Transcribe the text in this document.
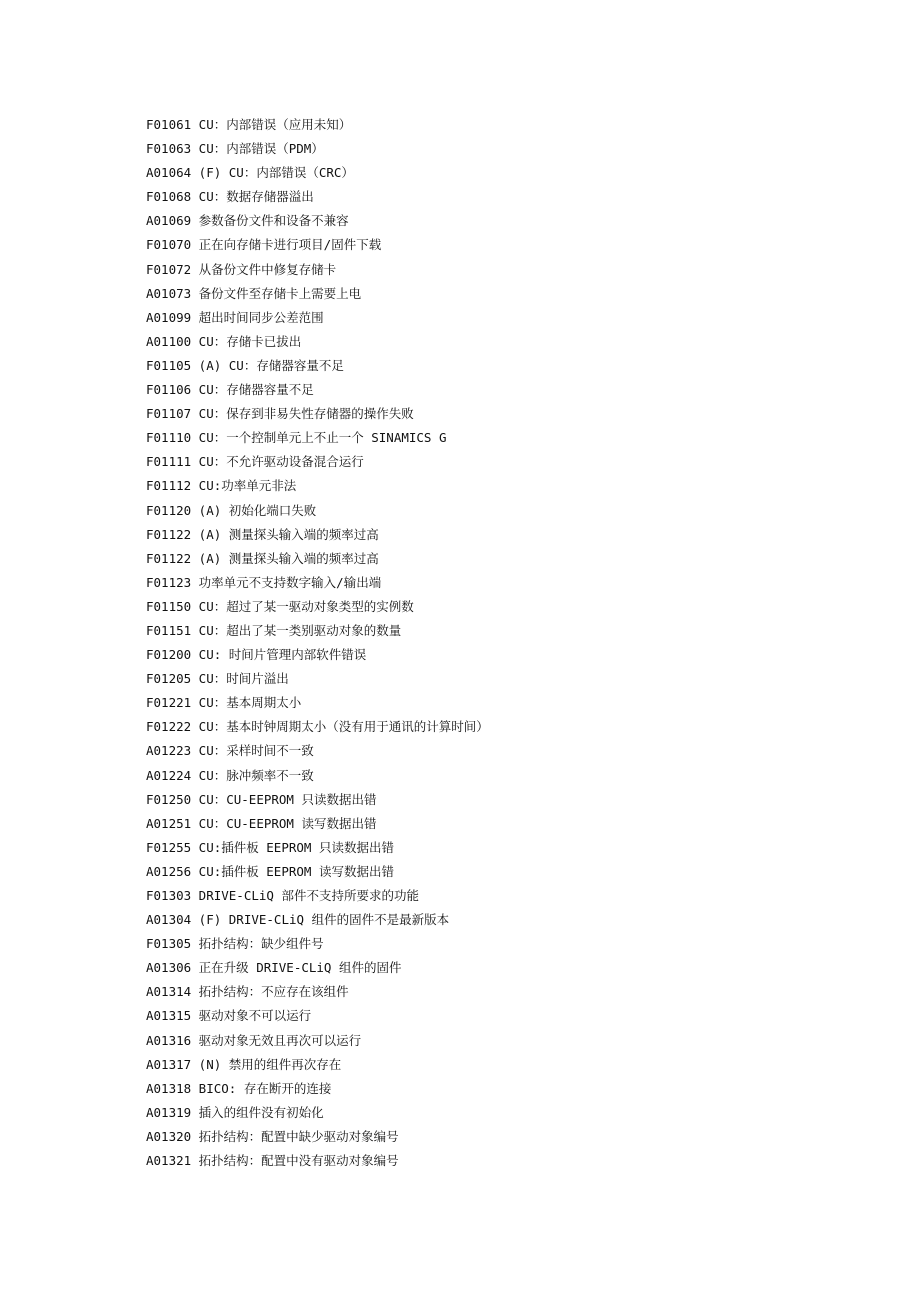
F01061 CU：内部错误（应用未知）
F01063 CU：内部错误（PDM）
A01064 (F) CU：内部错误（CRC）
F01068 CU：数据存储器溢出
A01069 参数备份文件和设备不兼容
F01070 正在向存储卡进行项目/固件下载
F01072 从备份文件中修复存储卡
A01073 备份文件至存储卡上需要上电
A01099 超出时间同步公差范围
A01100 CU：存储卡已拔出
F01105 (A) CU：存储器容量不足
F01106 CU：存储器容量不足
F01107 CU：保存到非易失性存储器的操作失败
F01110 CU：一个控制单元上不止一个 SINAMICS G
F01111 CU：不允许驱动设备混合运行
F01112 CU:功率单元非法
F01120 (A) 初始化端口失败
F01122 (A) 测量探头输入端的频率过高
F01122 (A) 测量探头输入端的频率过高
F01123 功率单元不支持数字输入/输出端
F01150 CU：超过了某一驱动对象类型的实例数
F01151 CU：超出了某一类别驱动对象的数量
F01200 CU: 时间片管理内部软件错误
F01205 CU：时间片溢出
F01221 CU：基本周期太小
F01222 CU：基本时钟周期太小（没有用于通讯的计算时间）
A01223 CU：采样时间不一致
A01224 CU：脉冲频率不一致
F01250 CU：CU-EEPROM 只读数据出错
A01251 CU：CU-EEPROM 读写数据出错
F01255 CU:插件板 EEPROM 只读数据出错
A01256 CU:插件板 EEPROM 读写数据出错
F01303 DRIVE-CLiQ 部件不支持所要求的功能
A01304 (F) DRIVE-CLiQ 组件的固件不是最新版本
F01305 拓扑结构：缺少组件号
A01306 正在升级 DRIVE-CLiQ 组件的固件
A01314 拓扑结构：不应存在该组件
A01315 驱动对象不可以运行
A01316 驱动对象无效且再次可以运行
A01317 (N) 禁用的组件再次存在
A01318 BICO: 存在断开的连接
A01319 插入的组件没有初始化
A01320 拓扑结构：配置中缺少驱动对象编号
A01321 拓扑结构：配置中没有驱动对象编号
